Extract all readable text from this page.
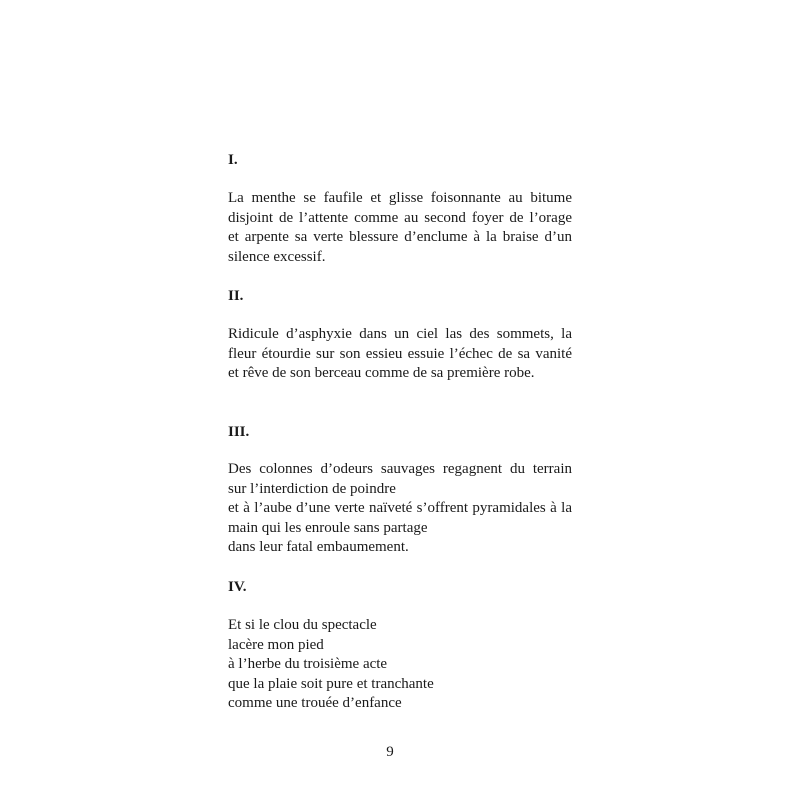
I.

La menthe se faufile et glisse foisonnante au bitume
disjoint de l’attente comme au second foyer de l’orage
et arpente sa verte blessure d’enclume à la braise d’un
silence excessif.

II.

Ridicule d’asphyxie dans un ciel las des sommets, la
fleur étourdie sur son essieu essuie l’échec de sa vanité
et rêve de son berceau comme de sa première robe.

III.

Des colonnes d’odeurs sauvages regagnent du terrain
sur l’interdiction de poindre
et à l’aube d’une verte naïveté s’offrent pyramidales à la
main qui les enroule sans partage
dans leur fatal embaumement.

IV.

Et si le clou du spectacle
lacère mon pied
à l’herbe du troisième acte
que la plaie soit pure et tranchante
comme une trouée d’enfance

9
